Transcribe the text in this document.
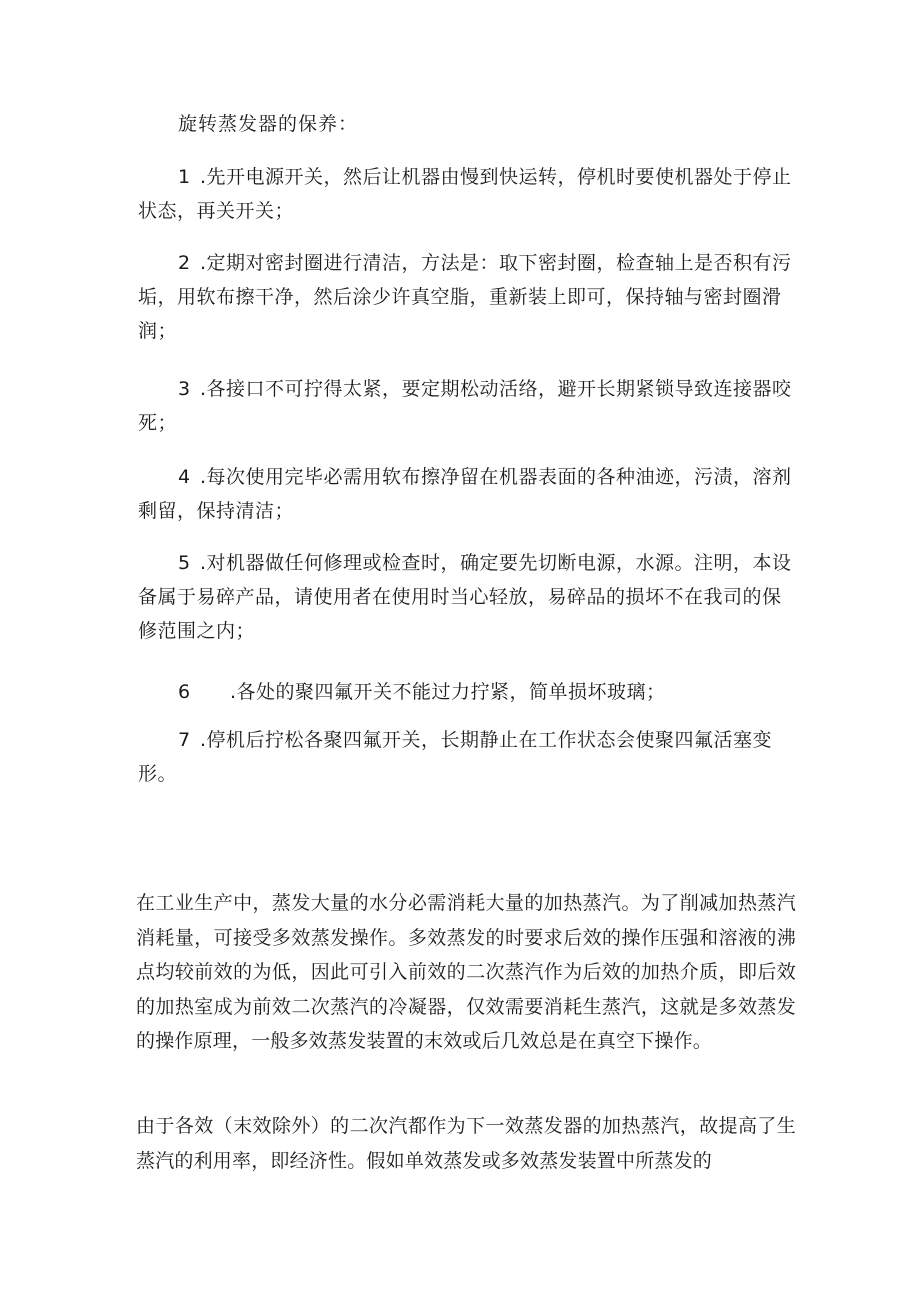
旋转蒸发器的保养：

1 .先开电源开关，然后让机器由慢到快运转，停机时要使机器处于停止状态，再关开关；

2 .定期对密封圈进行清洁，方法是：取下密封圈，检查轴上是否积有污垢，用软布擦干净，然后涂少许真空脂，重新装上即可，保持轴与密封圈滑润；

3 .各接口不可拧得太紧，要定期松动活络，避开长期紧锁导致连接器咬死；

4 .每次使用完毕必需用软布擦净留在机器表面的各种油迹，污渍，溶剂剩留，保持清洁；

5 .对机器做任何修理或检查时，确定要先切断电源，水源。注明，本设备属于易碎产品，请使用者在使用时当心轻放，易碎品的损坏不在我司的保修范围之内；

6 .各处的聚四氟开关不能过力拧紧，简单损坏玻璃；

7 .停机后拧松各聚四氟开关，长期静止在工作状态会使聚四氟活塞变形。

在工业生产中，蒸发大量的水分必需消耗大量的加热蒸汽。为了削减加热蒸汽消耗量，可接受多效蒸发操作。多效蒸发的时要求后效的操作压强和溶液的沸点均较前效的为低，因此可引入前效的二次蒸汽作为后效的加热介质，即后效的加热室成为前效二次蒸汽的冷凝器，仅效需要消耗生蒸汽，这就是多效蒸发的操作原理，一般多效蒸发装置的末效或后几效总是在真空下操作。

由于各效（末效除外）的二次汽都作为下一效蒸发器的加热蒸汽，故提高了生蒸汽的利用率，即经济性。假如单效蒸发或多效蒸发装置中所蒸发的
